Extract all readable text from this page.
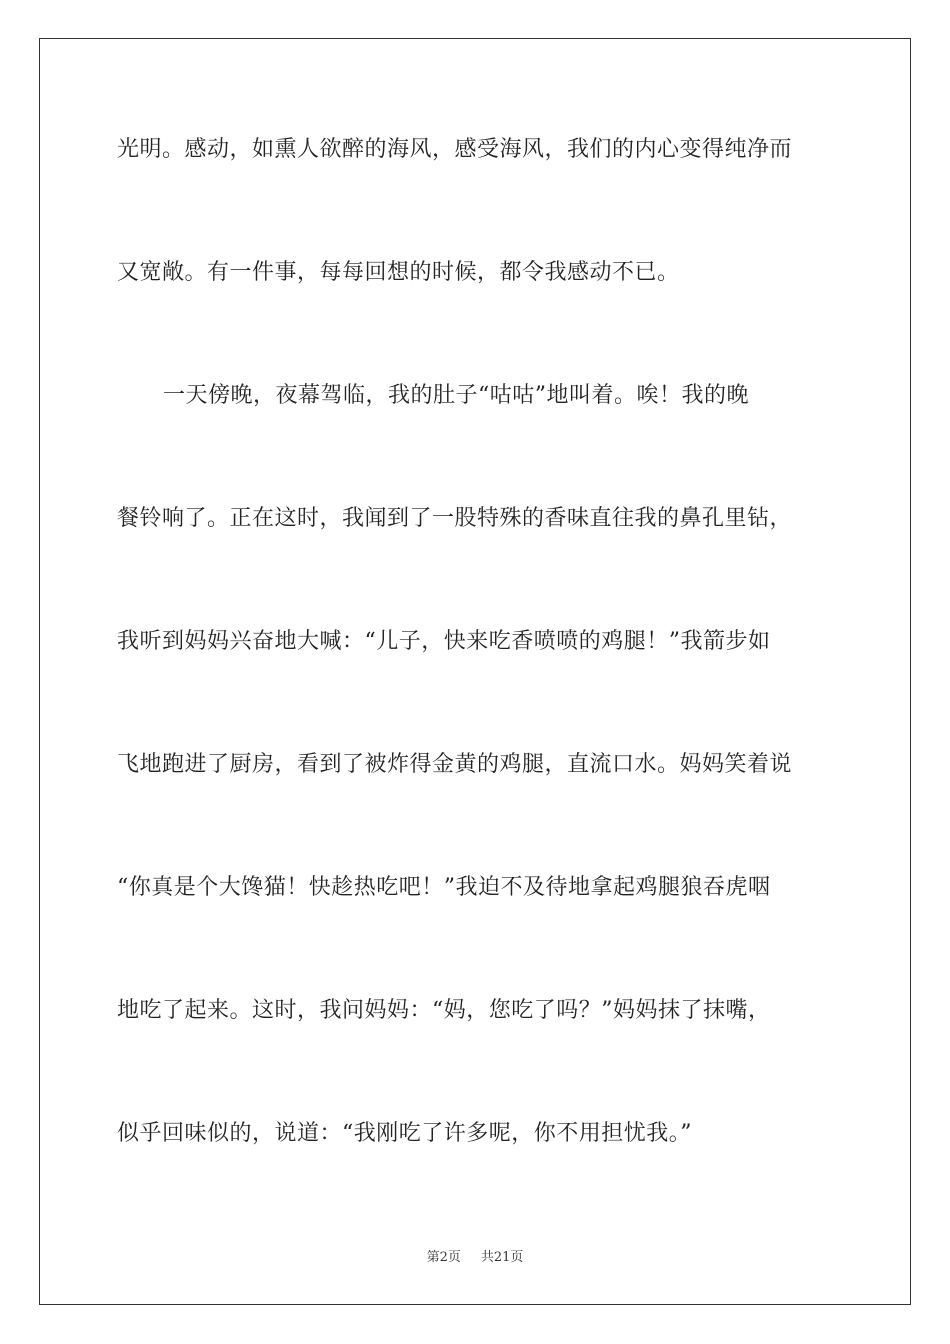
光明。感动，如熏人欲醉的海风，感受海风，我们的内心变得纯净而
又宽敞。有一件事，每每回想的时候，都令我感动不已。
一天傍晚，夜幕驾临，我的肚子“咕咕”地叫着。唉！我的晚
餐铃响了。正在这时，我闻到了一股特殊的香味直往我的鼻孔里钻，
我听到妈妈兴奋地大喊：“儿子，快来吃香喷喷的鸡腿！”我箭步如
飞地跑进了厨房，看到了被炸得金黄的鸡腿，直流口水。妈妈笑着说
“你真是个大馋猫！快趁热吃吧！”我迫不及待地拿起鸡腿狼吞虎咽
地吃了起来。这时，我问妈妈：“妈，您吃了吗？”妈妈抹了抹嘴，
似乎回味似的，说道：“我刚吃了许多呢，你不用担忧我。”
第2页 共21页
